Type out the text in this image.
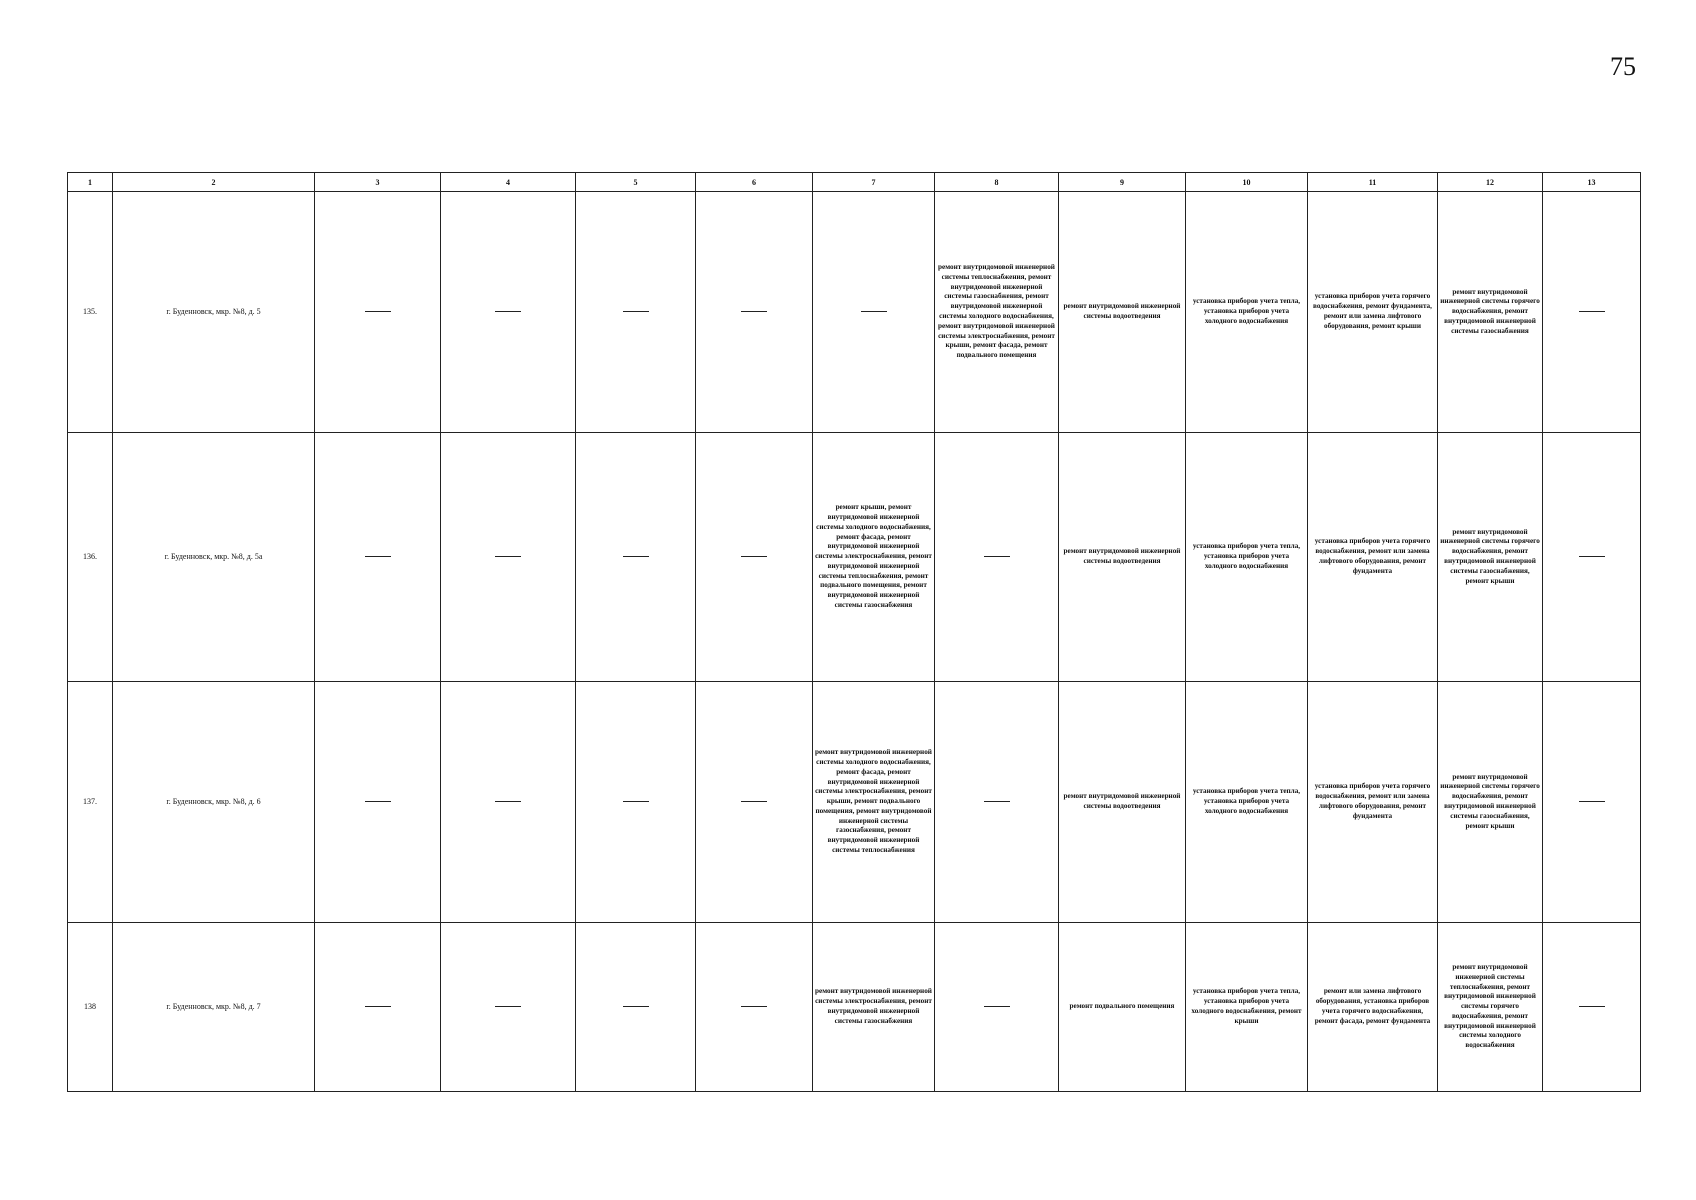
75
1	2	3	4	5	6	7	8	9	10	11	12	13
135.	г. Буденновск, мкр. №8, д. 5						ремонт внутридомовой инженерной системы теплоснабжения, ремонт внутридомовой инженерной системы газоснабжения, ремонт внутридомовой инженерной системы холодного водоснабжения, ремонт внутридомовой инженерной системы электроснабжения, ремонт крыши, ремонт фасада, ремонт подвального помещения	ремонт внутридомовой инженерной системы водоотведения	установка приборов учета тепла, установка приборов учета холодного водоснабжения	установка приборов учета горячего водоснабжения, ремонт фундамента, ремонт или замена лифтового оборудования, ремонт крыши	ремонт внутридомовой инженерной системы горячего водоснабжения, ремонт внутридомовой инженерной системы газоснабжения	
136.	г. Буденновск, мкр. №8, д. 5а					ремонт крыши, ремонт внутридомовой инженерной системы холодного водоснабжения, ремонт фасада, ремонт внутридомовой инженерной системы электроснабжения, ремонт внутридомовой инженерной системы теплоснабжения, ремонт подвального помещения, ремонт внутридомовой инженерной системы газоснабжения		ремонт внутридомовой инженерной системы водоотведения	установка приборов учета тепла, установка приборов учета холодного водоснабжения	установка приборов учета горячего водоснабжения, ремонт или замена лифтового оборудования, ремонт фундамента	ремонт внутридомовой инженерной системы горячего водоснабжения, ремонт внутридомовой инженерной системы газоснабжения, ремонт крыши	
137.	г. Буденновск, мкр. №8, д. 6					ремонт внутридомовой инженерной системы холодного водоснабжения, ремонт фасада, ремонт внутридомовой инженерной системы электроснабжения, ремонт крыши, ремонт подвального помещения, ремонт внутридомовой инженерной системы газоснабжения, ремонт внутридомовой инженерной системы теплоснабжения		ремонт внутридомовой инженерной системы водоотведения	установка приборов учета тепла, установка приборов учета холодного водоснабжения	установка приборов учета горячего водоснабжения, ремонт или замена лифтового оборудования, ремонт фундамента	ремонт внутридомовой инженерной системы горячего водоснабжения, ремонт внутридомовой инженерной системы газоснабжения, ремонт крыши	
138	г. Буденновск, мкр. №8, д. 7					ремонт внутридомовой инженерной системы электроснабжения, ремонт внутридомовой инженерной системы газоснабжения		ремонт подвального помещения	установка приборов учета тепла, установка приборов учета холодного водоснабжения, ремонт крыши	ремонт или замена лифтового оборудования, установка приборов учета горячего водоснабжения, ремонт фасада, ремонт фундамента	ремонт внутридомовой инженерной системы теплоснабжения, ремонт внутридомовой инженерной системы горячего водоснабжения, ремонт внутридомовой инженерной системы холодного водоснабжения	
